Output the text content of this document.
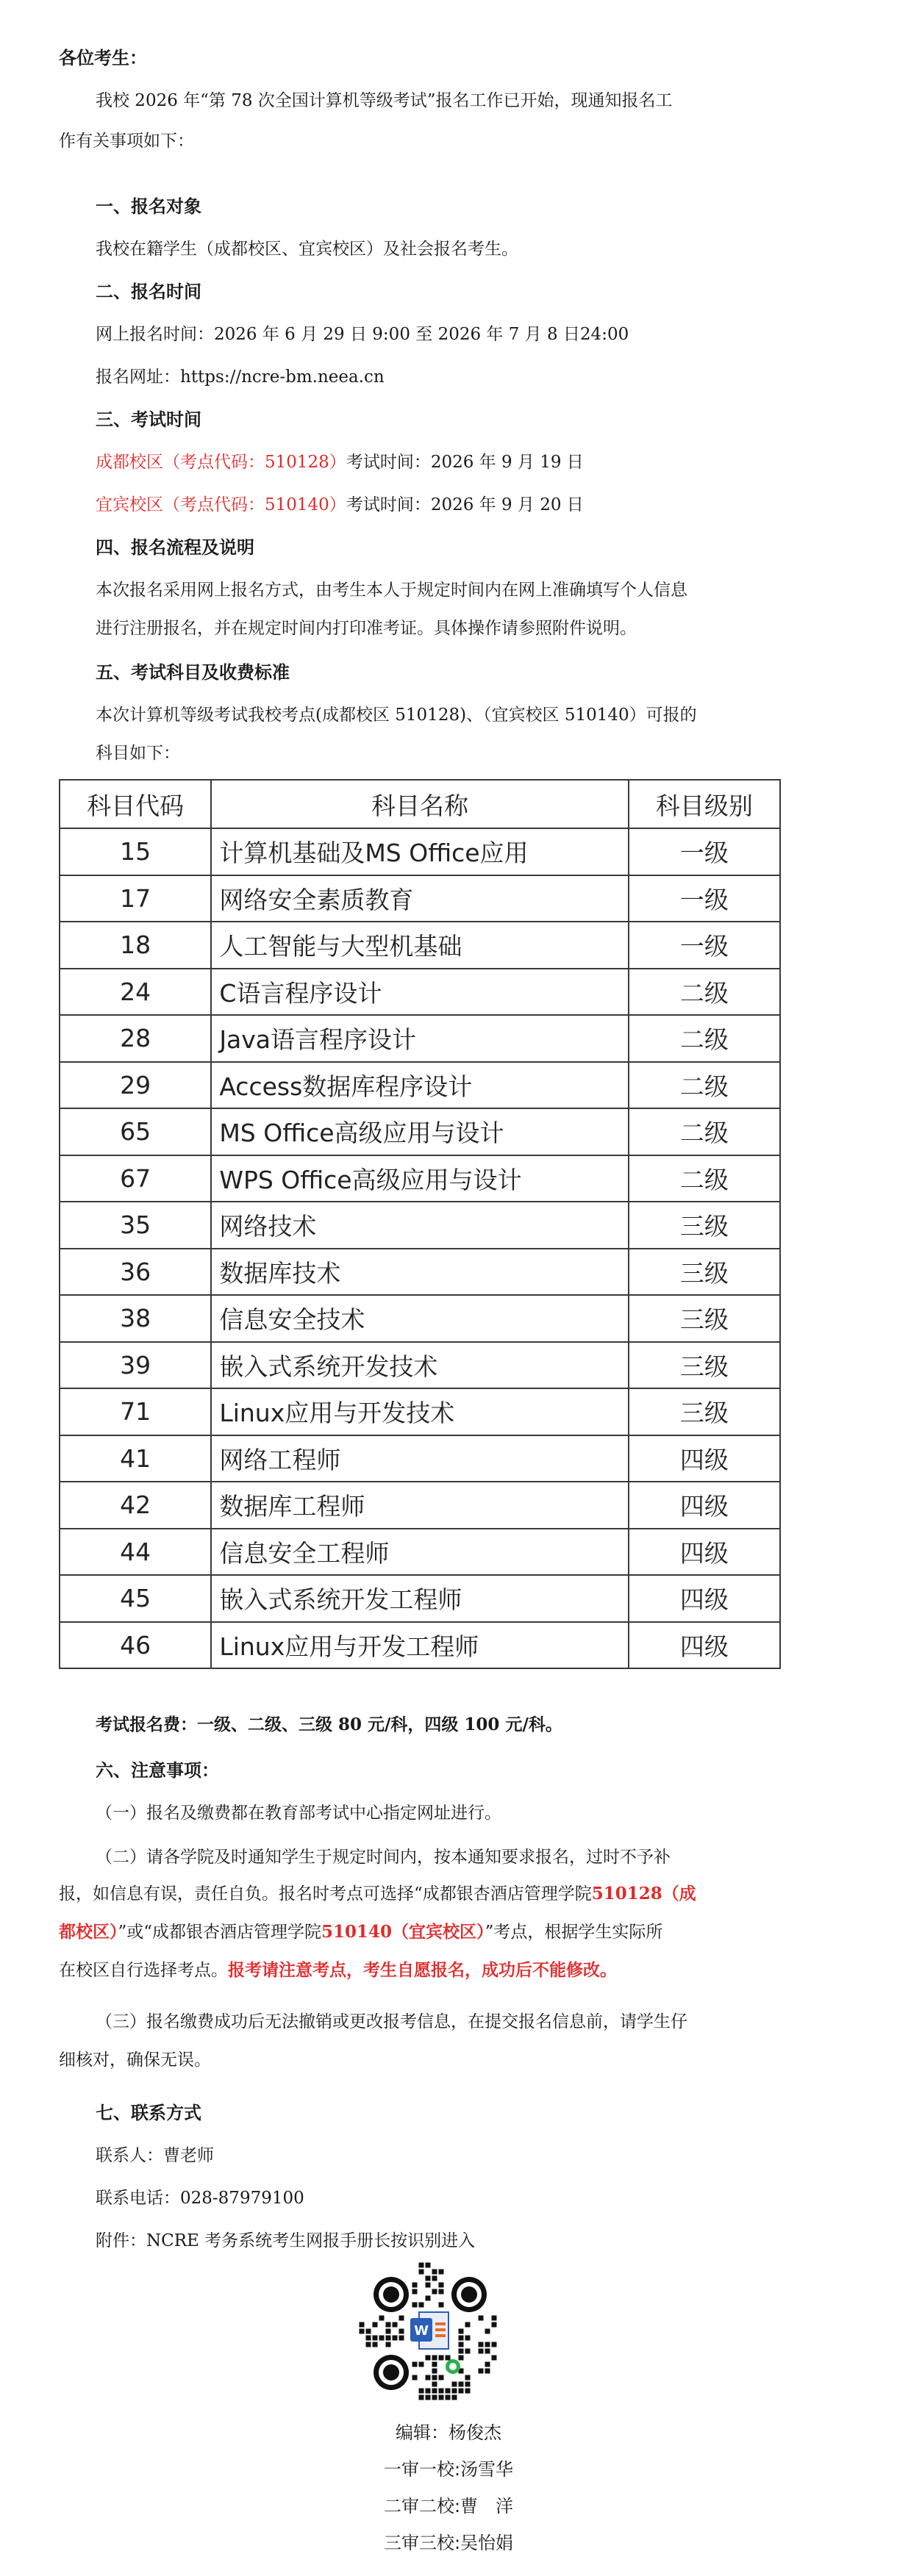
各位考生：
我校 2026 年“第 78 次全国计算机等级考试”报名工作已开始，现通知报名工
作有关事项如下：
一、报名对象
我校在籍学生（成都校区、宜宾校区）及社会报名考生。
二、报名时间
网上报名时间：2026 年 6 月 29 日 9:00 至 2026 年 7 月 8 日24:00
报名网址：https://ncre-bm.neea.cn
三、考试时间
成都校区（考点代码：510128）考试时间：2026 年 9 月 19 日
宜宾校区（考点代码：510140）考试时间：2026 年 9 月 20 日
四、报名流程及说明
本次报名采用网上报名方式，由考生本人于规定时间内在网上准确填写个人信息
进行注册报名，并在规定时间内打印准考证。具体操作请参照附件说明。
五、考试科目及收费标准
本次计算机等级考试我校考点(成都校区 510128)、（宜宾校区 510140）可报的
科目如下：
科目代码	科目名称	科目级别
15	计算机基础及MS Office应用	一级
17	网络安全素质教育	一级
18	人工智能与大型机基础	一级
24	C语言程序设计	二级
28	Java语言程序设计	二级
29	Access数据库程序设计	二级
65	MS Office高级应用与设计	二级
67	WPS Office高级应用与设计	二级
35	网络技术	三级
36	数据库技术	三级
38	信息安全技术	三级
39	嵌入式系统开发技术	三级
71	Linux应用与开发技术	三级
41	网络工程师	四级
42	数据库工程师	四级
44	信息安全工程师	四级
45	嵌入式系统开发工程师	四级
46	Linux应用与开发工程师	四级
考试报名费：一级、二级、三级 80 元/科，四级 100 元/科。
六、注意事项：
（一）报名及缴费都在教育部考试中心指定网址进行。
（二）请各学院及时通知学生于规定时间内，按本通知要求报名，过时不予补
报，如信息有误，责任自负。报名时考点可选择“成都银杏酒店管理学院510128（成
都校区）”或“成都银杏酒店管理学院510140（宜宾校区）”考点，根据学生实际所
在校区自行选择考点。报考请注意考点，考生自愿报名，成功后不能修改。
（三）报名缴费成功后无法撤销或更改报考信息，在提交报名信息前，请学生仔
细核对，确保无误。
七、联系方式
联系人：曹老师
联系电话：028-87979100
附件：NCRE 考务系统考生网报手册长按识别进入
W
编辑：杨俊杰
一审一校:汤雪华
二审二校:曹　洋
三审三校:吴怡娟
